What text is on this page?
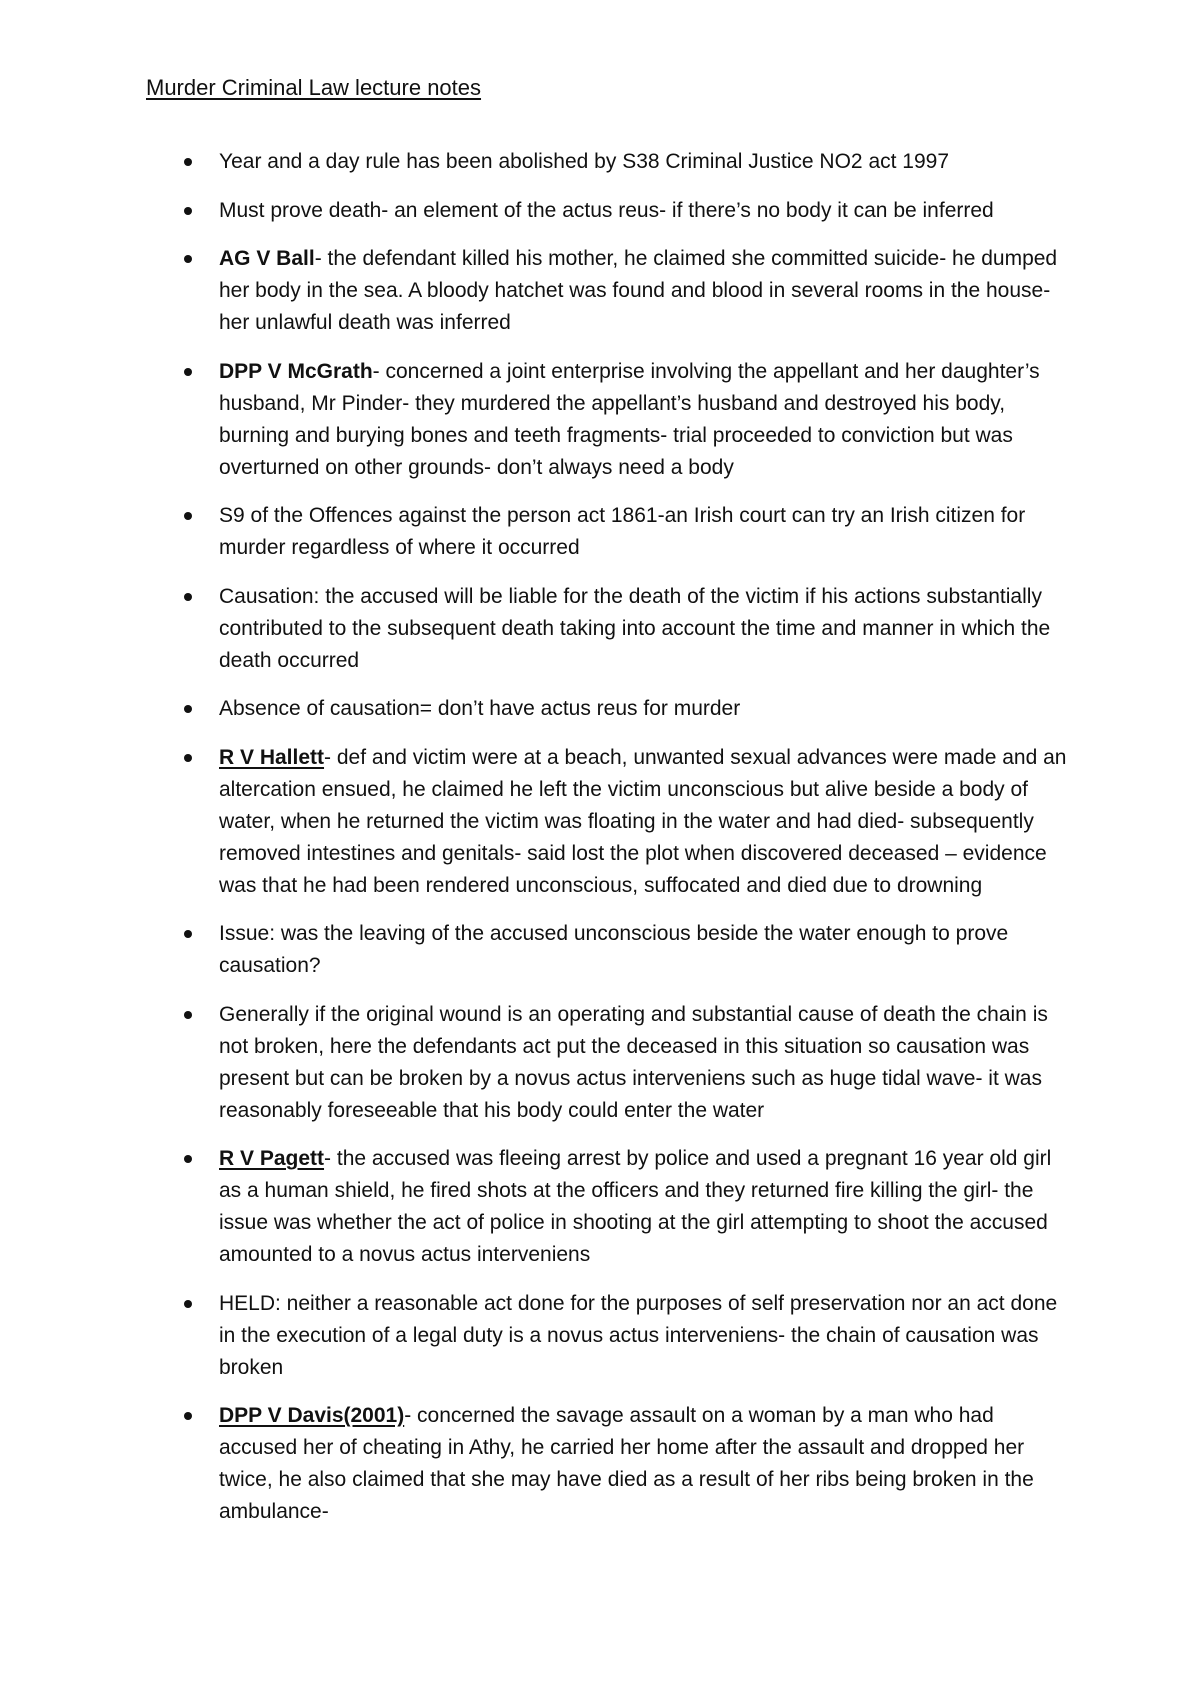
Murder Criminal Law lecture notes
Year and a day rule has been abolished by S38 Criminal Justice NO2 act 1997
Must prove death- an element of the actus reus- if there’s no body it can be inferred
AG V Ball- the defendant killed his mother, he claimed she committed suicide- he dumped her body in the sea. A bloody hatchet was found and blood in several rooms in the house- her unlawful death was inferred
DPP V McGrath- concerned a joint enterprise involving the appellant and her daughter’s husband, Mr Pinder- they murdered the appellant’s husband and destroyed his body, burning and burying bones and teeth fragments- trial proceeded to conviction but was overturned on other grounds- don’t always need a body
S9 of the Offences against the person act 1861-an Irish court can try an Irish citizen for murder regardless of where it occurred
Causation: the accused will be liable for the death of the victim if his actions substantially contributed to the subsequent death taking into account the time and manner in which the death occurred
Absence of causation= don’t have actus reus for murder
R V Hallett- def and victim were at a beach, unwanted sexual advances were made and an altercation ensued, he claimed he left the victim unconscious but alive beside a body of water, when he returned the victim was floating in the water and had died- subsequently removed intestines and genitals- said lost the plot when discovered deceased – evidence was that he had been rendered unconscious, suffocated and died due to drowning
Issue: was the leaving of the accused unconscious beside the water enough to prove causation?
Generally if the original wound is an operating and substantial cause of death the chain is not broken, here the defendants act put the deceased in this situation so causation was present but can be broken by a novus actus interveniens such as huge tidal wave- it was reasonably foreseeable that his body could enter the water
R V Pagett- the accused was fleeing arrest by police and used a pregnant 16 year old girl as a human shield, he fired shots at the officers and they returned fire killing the girl- the issue was whether the act of police in shooting at the girl attempting to shoot the accused amounted to a novus actus interveniens
HELD: neither a reasonable act done for the purposes of self preservation nor an act done in the execution of a legal duty is a novus actus interveniens- the chain of causation was broken
DPP V Davis(2001)- concerned the savage assault on a woman by a man who had accused her of cheating in Athy, he carried her home after the assault and dropped her twice, he also claimed that she may have died as a result of her ribs being broken in the ambulance-
